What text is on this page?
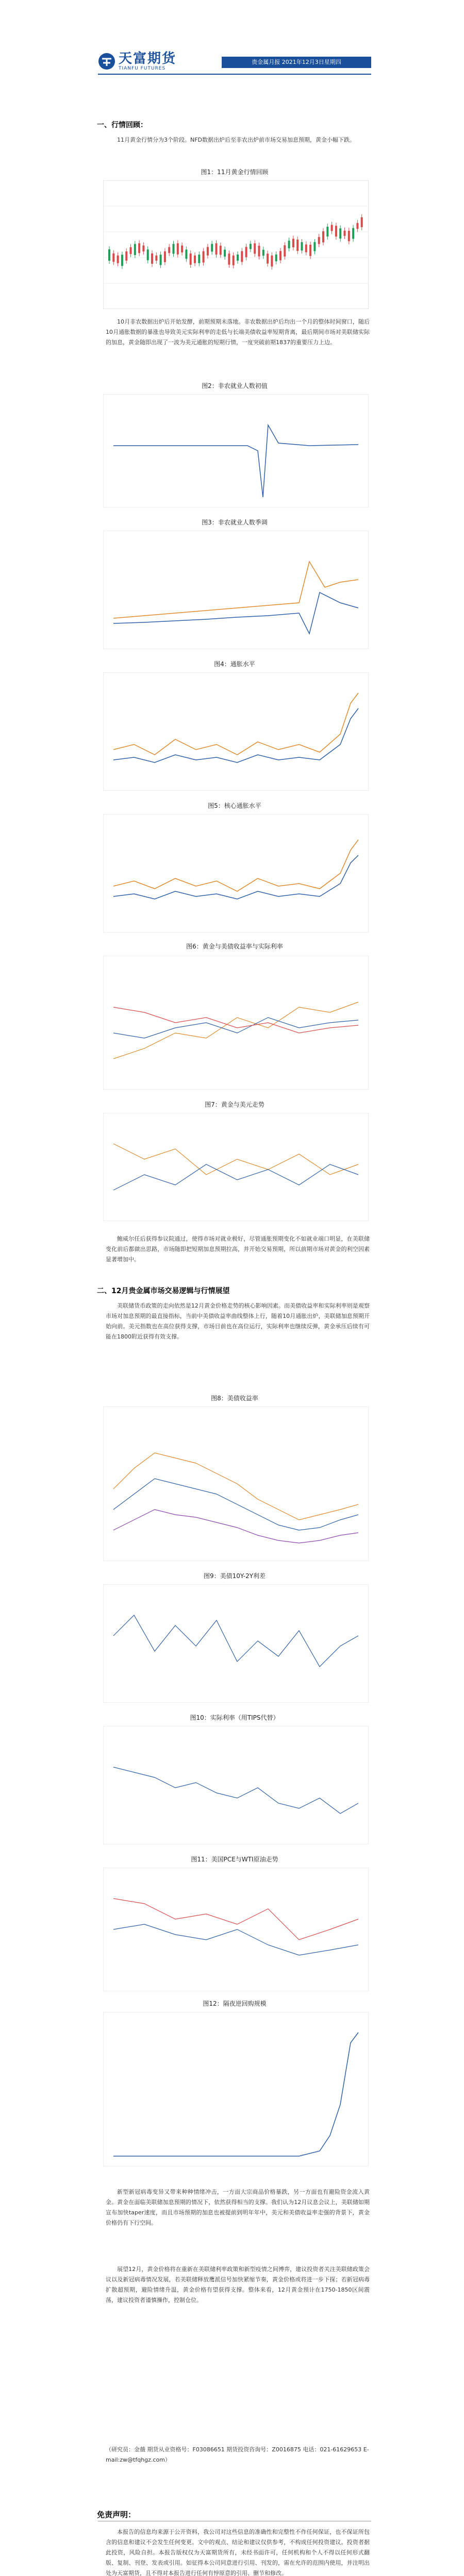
天富期货
TIANFU FUTURES
贵金属月报 2021年12月3日星期四
一、行情回顾：

11月黄金行情分为3个阶段。NFD数据出炉后至非农出炉前市场交易加息预期，黄金小幅下跌。

图1：11月黄金行情回顾

10月非农数据出炉后开始发酵，前期预期未落地。非农数据出炉后均出一个月的整体时间窗口，随后10月通胀数据的暴涨也导致美元实际利率的走低与长端美债收益率短期背离，最后期间市场对美联储实际的加息，黄金随即出现了一波为美元通胀的短期行情，一度突破前期1837的重要压力上边。

图2：非农就业人数初值
图3：非农就业人数季调
图4：通胀水平
图5：核心通胀水平
图6：黄金与美债收益率与实际利率
图7：黄金与美元走势

鲍威尔任后获得参议院通过，使得市场对就业极好，尽管通胀预期变化不如就业端口明显，在美联储变化前后都做出思路，市场随即把短期加息预期拉高，并开始交易预期，所以前期市场对黄金的利空因素显著增加中。

二、12月贵金属市场交易逻辑与行情展望

美联储货币政策的走向依然是12月黄金价格走势的核心影响因素。而美债收益率和实际利率则是观察市场对加息预期的最直接指标，当前中美债收益率曲线整体上行，随着10月通胀出炉，美联储加息预期开始向前。美元指数也在高位获得支撑，市场目前也在高位运行，实际利率也继续反弹，黄金承压后续有可能在1800附近获得有效支撑。

图8：美债收益率
图9：美债10Y-2Y利差
图10：实际利率（用TIPS代替）
图11：美国PCE与WTI原油走势
图12：隔夜逆回购规模

新型新冠病毒变异又带来种种情绪冲击，一方面大宗商品价格暴跌，另一方面也有避险资金流入黄金。黄金在面临美联储加息预期的情况下，依然获得相当的支撑。我们认为12月议息会议上，美联储如期宣布加快taper速度，而且市场预期的加息也被提前到明年年中，美元和美债收益率走强的背景下，黄金价格仍有下行空间。

展望12月，黄金价格将在重新在美联储利率政策和新型疫情之间博弈，建议投资者关注美联储政策会议以及新冠病毒情况发展，若美联储释放鹰派信号加快紧缩节奏，黄金价格或将进一步下探；若新冠病毒扩散超预期，避险情绪升温，黄金价格有望获得支撑。整体来看，12月黄金预计在1750-1850区间震荡，建议投资者谨慎操作，控制仓位。

（研究员：金薇 期货从业资格号：F03086651 期货投资咨询号：Z0016875 电话：021-61629653 E-mail:zw@tfqhgz.com）

免责声明：

本报告的信息均来源于公开资料，我公司对这些信息的准确性和完整性不作任何保证，也不保证所包含的信息和建议不会发生任何变更。文中的观点、结论和建议仅供参考，不构成任何投资建议。投资者据此投资，风险自担。本报告版权仅为天富期货所有，未经书面许可，任何机构和个人不得以任何形式翻版、复制、刊登、发表或引用。如征得本公司同意进行引用、刊发的，需在允许的范围内使用，并注明出处为天富期货，且不得对本报告进行任何有悖原意的引用、删节和修改。
